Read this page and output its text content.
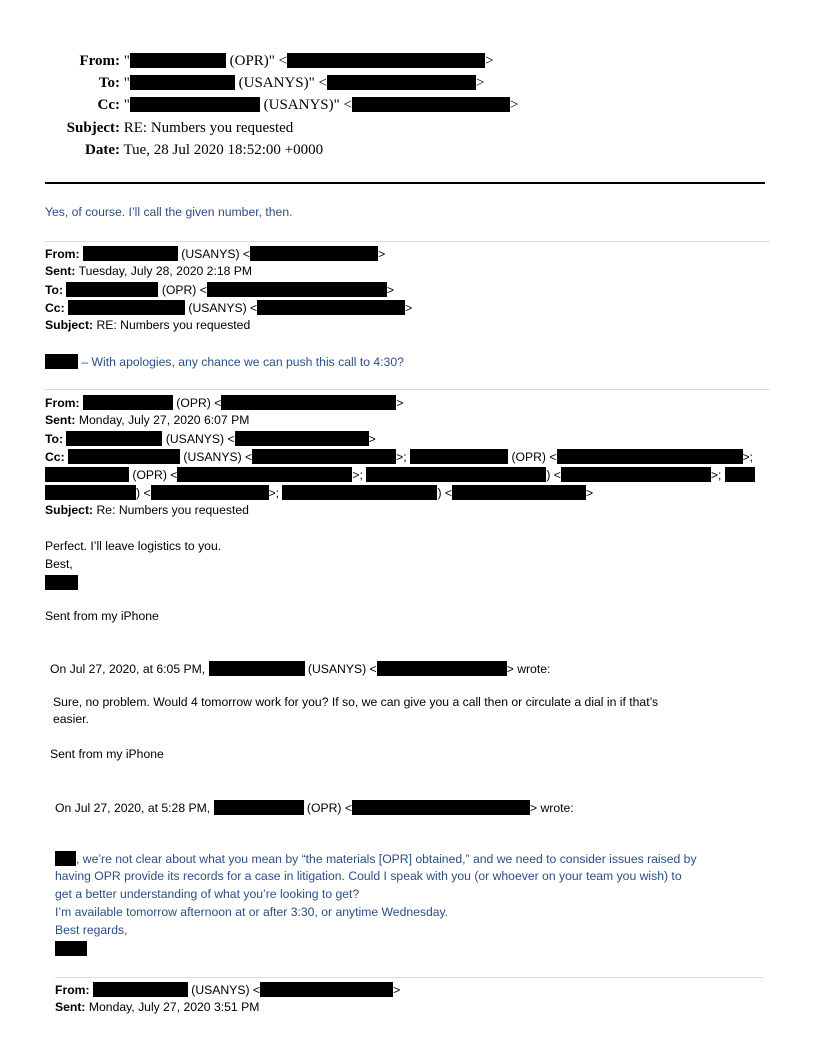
From: "	(OPR)" <	>
To: "	(USANYS)" <	>
Cc: "	(USANYS)" <	>
Subject: RE: Numbers you requested
Date: Tue, 28 Jul 2020 18:52:00 +0000
Yes, of course. I’ll call the given number, then.
From:	(USANYS) <	>
Sent: Tuesday, July 28, 2020 2:18 PM
To:	(OPR) <	>
Cc:	(USANYS) <	>
Subject: RE: Numbers you requested
– With apologies, any chance we can push this call to 4:30?
From:	(OPR) <	>
Sent: Monday, July 27, 2020 6:07 PM
To:	(USANYS) <	>
Cc:	(USANYS) <	>;	(OPR) <	>;
(OPR) <	>;	) <	>;
) <	>;	) <	>
Subject: Re: Numbers you requested
Perfect. I’ll leave logistics to you.
Best,
Sent from my iPhone
On Jul 27, 2020, at 6:05 PM,	(USANYS) <	> wrote:
Sure, no problem. Would 4 tomorrow work for you? If so, we can give you a call then or circulate a dial in if that’s
easier.
Sent from my iPhone
On Jul 27, 2020, at 5:28 PM,	(OPR) <	> wrote:
, we’re not clear about what you mean by “the materials [OPR] obtained,” and we need to consider issues raised by
having OPR provide its records for a case in litigation. Could I speak with you (or whoever on your team you wish) to
get a better understanding of what you’re looking to get?
I’m available tomorrow afternoon at or after 3:30, or anytime Wednesday.
Best regards,
From:	(USANYS) <	>
Sent: Monday, July 27, 2020 3:51 PM
